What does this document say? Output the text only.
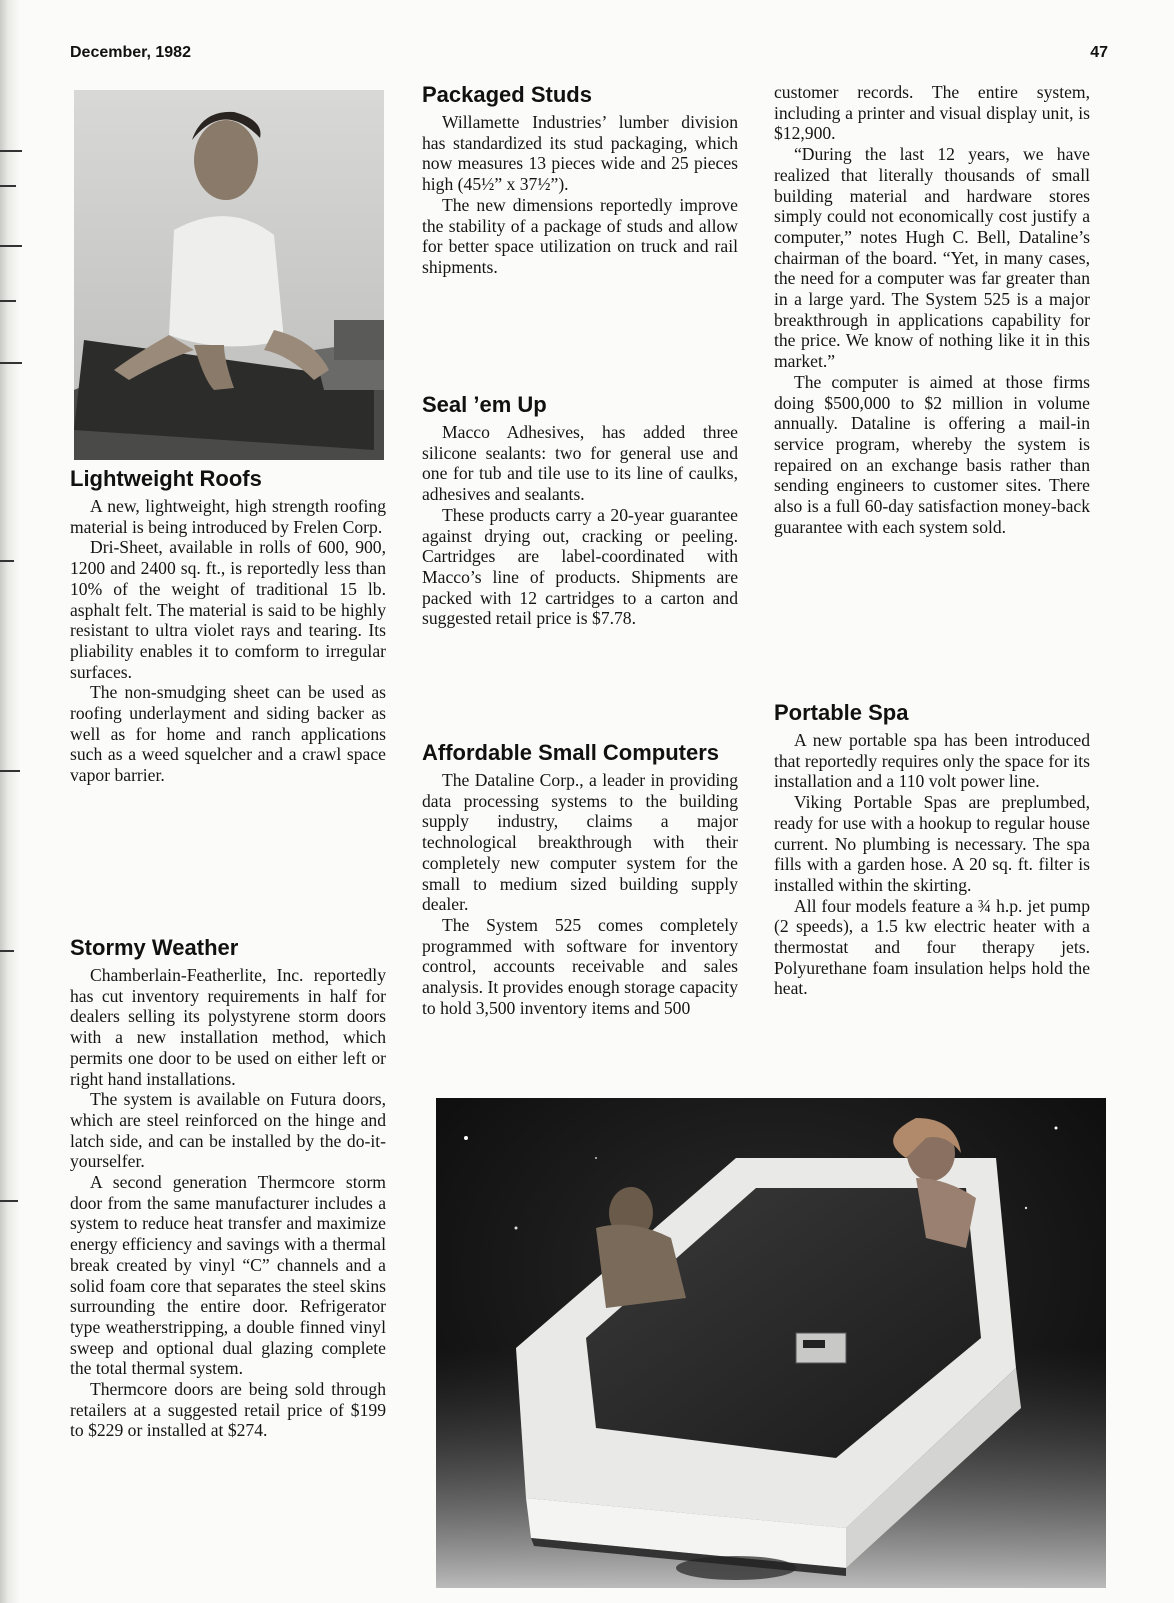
December, 1982	47
Lightweight Roofs

A new, lightweight, high strength roofing material is being introduced by Frelen Corp.

Dri-Sheet, available in rolls of 600, 900, 1200 and 2400 sq. ft., is reportedly less than 10% of the weight of traditional 15 lb. asphalt felt. The material is said to be highly resistant to ultra violet rays and tearing. Its pliability enables it to comform to irregular surfaces.

The non-smudging sheet can be used as roofing underlayment and siding backer as well as for home and ranch applications such as a weed squelcher and a crawl space vapor barrier.

Stormy Weather

Chamberlain-Featherlite, Inc. reportedly has cut inventory requirements in half for dealers selling its polystyrene storm doors with a new installation method, which permits one door to be used on either left or right hand installations.

The system is available on Futura doors, which are steel reinforced on the hinge and latch side, and can be installed by the do-it-yourselfer.

A second generation Thermcore storm door from the same manufacturer includes a system to reduce heat transfer and maximize energy efficiency and savings with a thermal break created by vinyl “C” channels and a solid foam core that separates the steel skins surrounding the entire door. Refrigerator type weatherstripping, a double finned vinyl sweep and optional dual glazing complete the total thermal system.

Thermcore doors are being sold through retailers at a suggested retail price of $199 to $229 or installed at $274.

Packaged Studs

Willamette Industries’ lumber division has standardized its stud packaging, which now measures 13 pieces wide and 25 pieces high (45½” x 37½”).

The new dimensions reportedly improve the stability of a package of studs and allow for better space utilization on truck and rail shipments.

Seal ’em Up

Macco Adhesives, has added three silicone sealants: two for general use and one for tub and tile use to its line of caulks, adhesives and sealants.

These products carry a 20-year guarantee against drying out, cracking or peeling. Cartridges are label-coordinated with Macco’s line of products. Shipments are packed with 12 cartridges to a carton and suggested retail price is $7.78.

Affordable Small Computers

The Dataline Corp., a leader in providing data processing systems to the building supply industry, claims a major technological breakthrough with their completely new computer system for the small to medium sized building supply dealer.

The System 525 comes completely programmed with software for inventory control, accounts receivable and sales analysis. It provides enough storage capacity to hold 3,500 inventory items and 500

customer records. The entire system, including a printer and visual display unit, is $12,900.

“During the last 12 years, we have realized that literally thousands of small building material and hardware stores simply could not economically cost justify a computer,” notes Hugh C. Bell, Dataline’s chairman of the board. “Yet, in many cases, the need for a computer was far greater than in a large yard. The System 525 is a major breakthrough in applications capability for the price. We know of nothing like it in this market.”

The computer is aimed at those firms doing $500,000 to $2 million in volume annually. Dataline is offering a mail-in service program, whereby the system is repaired on an exchange basis rather than sending engineers to customer sites. There also is a full 60-day satisfaction money-back guarantee with each system sold.

Portable Spa

A new portable spa has been introduced that reportedly requires only the space for its installation and a 110 volt power line.

Viking Portable Spas are preplumbed, ready for use with a hookup to regular house current. No plumbing is necessary. The spa fills with a garden hose. A 20 sq. ft. filter is installed within the skirting.

All four models feature a ¾ h.p. jet pump (2 speeds), a 1.5 kw electric heater with a thermostat and four therapy jets. Polyurethane foam insulation helps hold the heat.
